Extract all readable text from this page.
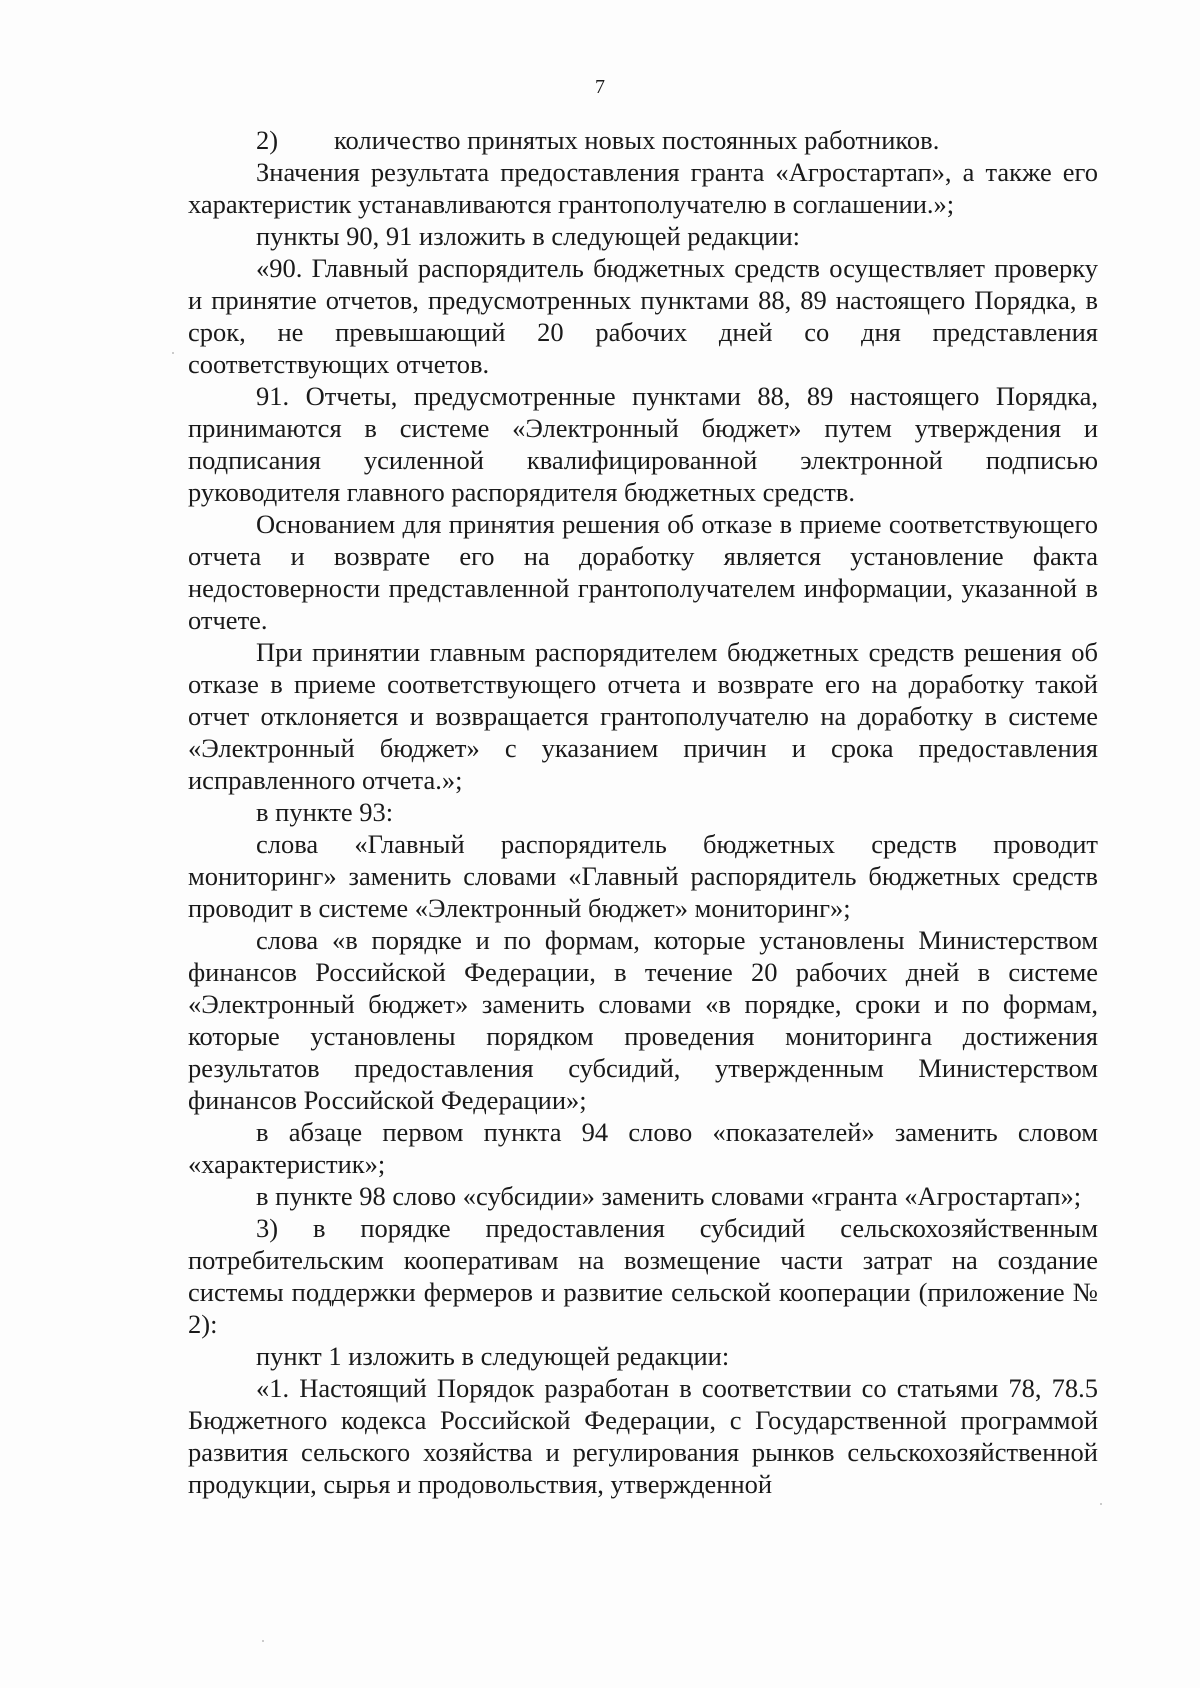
7

2) количество принятых новых постоянных работников.

Значения результата предоставления гранта «Агростартап», а также его характеристик устанавливаются грантополучателю в соглашении.»;

пункты 90, 91 изложить в следующей редакции:

«90. Главный распорядитель бюджетных средств осуществляет проверку и принятие отчетов, предусмотренных пунктами 88, 89 настоящего Порядка, в срок, не превышающий 20 рабочих дней со дня представления соответствующих отчетов.

91. Отчеты, предусмотренные пунктами 88, 89 настоящего Порядка, принимаются в системе «Электронный бюджет» путем утверждения и подписания усиленной квалифицированной электронной подписью руководителя главного распорядителя бюджетных средств.

Основанием для принятия решения об отказе в приеме соответствующего отчета и возврате его на доработку является установление факта недостоверности представленной грантополучателем информации, указанной в отчете.

При принятии главным распорядителем бюджетных средств решения об отказе в приеме соответствующего отчета и возврате его на доработку такой отчет отклоняется и возвращается грантополучателю на доработку в системе «Электронный бюджет» с указанием причин и срока предоставления исправленного отчета.»;

в пункте 93:

слова «Главный распорядитель бюджетных средств проводит мониторинг» заменить словами «Главный распорядитель бюджетных средств проводит в системе «Электронный бюджет» мониторинг»;

слова «в порядке и по формам, которые установлены Министерством финансов Российской Федерации, в течение 20 рабочих дней в системе «Электронный бюджет» заменить словами «в порядке, сроки и по формам, которые установлены порядком проведения мониторинга достижения результатов предоставления субсидий, утвержденным Министерством финансов Российской Федерации»;

в абзаце первом пункта 94 слово «показателей» заменить словом «характеристик»;

в пункте 98 слово «субсидии» заменить словами «гранта «Агростартап»;

3) в порядке предоставления субсидий сельскохозяйственным потребительским кооперативам на возмещение части затрат на создание системы поддержки фермеров и развитие сельской кооперации (приложение № 2):

пункт 1 изложить в следующей редакции:

«1. Настоящий Порядок разработан в соответствии со статьями 78, 78.5 Бюджетного кодекса Российской Федерации, с Государственной программой развития сельского хозяйства и регулирования рынков сельскохозяйственной продукции, сырья и продовольствия, утвержденной
